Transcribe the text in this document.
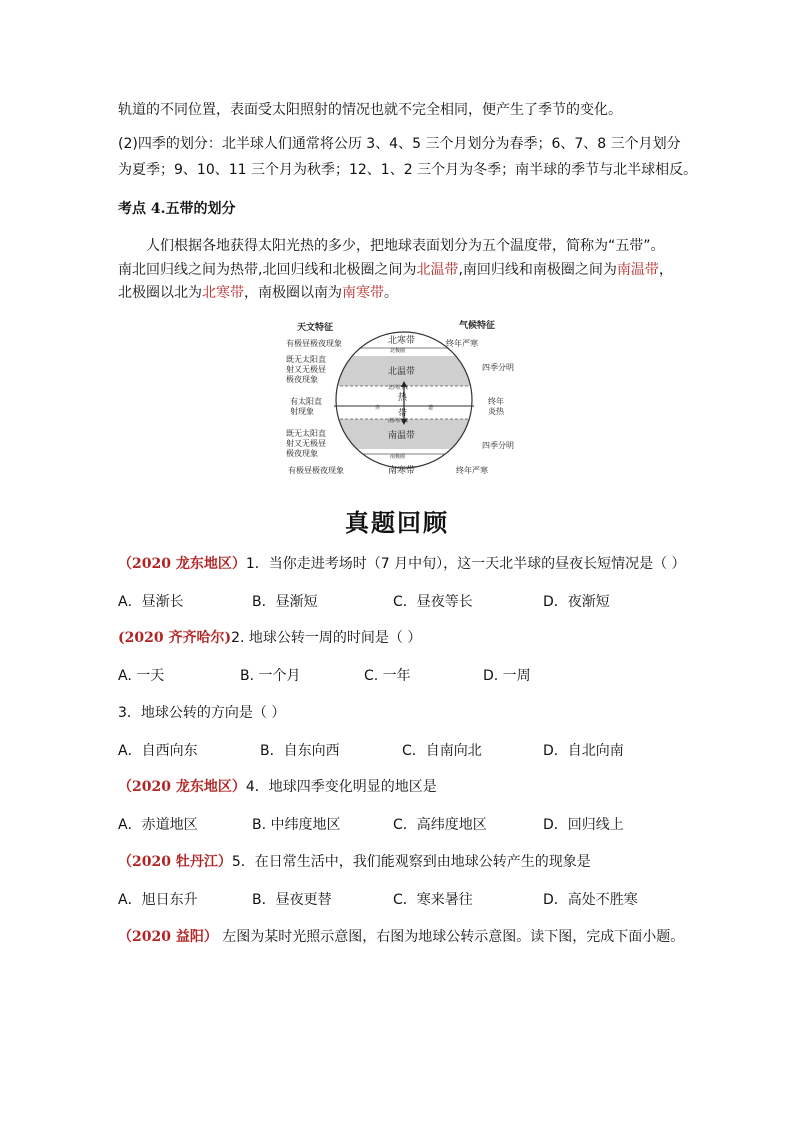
轨道的不同位置，表面受太阳照射的情况也就不完全相同，便产生了季节的变化。
(2)四季的划分：北半球人们通常将公历 3、4、5 三个月划分为春季；6、7、8 三个月划分
为夏季；9、10、11 三个月为秋季；12、1、2 三个月为冬季；南半球的季节与北半球相反。
考点 4.五带的划分
人们根据各地获得太阳光热的多少，把地球表面划分为五个温度带，简称为“五带”。
南北回归线之间为热带,北回归线和北极圈之间为北温带,南回归线和南极圈之间为南温带，
北极圈以北为北寒带，南极圈以南为南寒带。
天文特征	气候特征
有极昼极夜现象
既无太阳直
射又无极昼
极夜现象
有太阳直
射现象
既无太阳直
射又无极昼
极夜现象
有极昼极夜现象
终年严寒
四季分明
终年
炎热
四季分明
终年严寒
北寒带
北温带
热
带
南温带
南寒带
北极圈
北回归线
赤	道
南回归线
南极圈
真题回顾
（2020 龙东地区）1．当你走进考场时（7 月中旬），这一天北半球的昼夜长短情况是（ ）
A．昼渐长	B．昼渐短	C．昼夜等长	D．夜渐短
(2020 齐齐哈尔)2. 地球公转一周的时间是（ ）
A. 一天	B. 一个月	C. 一年	D. 一周
3．地球公转的方向是（ ）
A．自西向东	B．自东向西	C．自南向北	D．自北向南
（2020 龙东地区）4．地球四季变化明显的地区是
A．赤道地区	B. 中纬度地区	C．高纬度地区	D．回归线上
（2020 牡丹江）5．在日常生活中，我们能观察到由地球公转产生的现象是
A．旭日东升	B．昼夜更替	C．寒来暑往	D．高处不胜寒
（2020 益阳） 左图为某时光照示意图，右图为地球公转示意图。读下图，完成下面小题。
